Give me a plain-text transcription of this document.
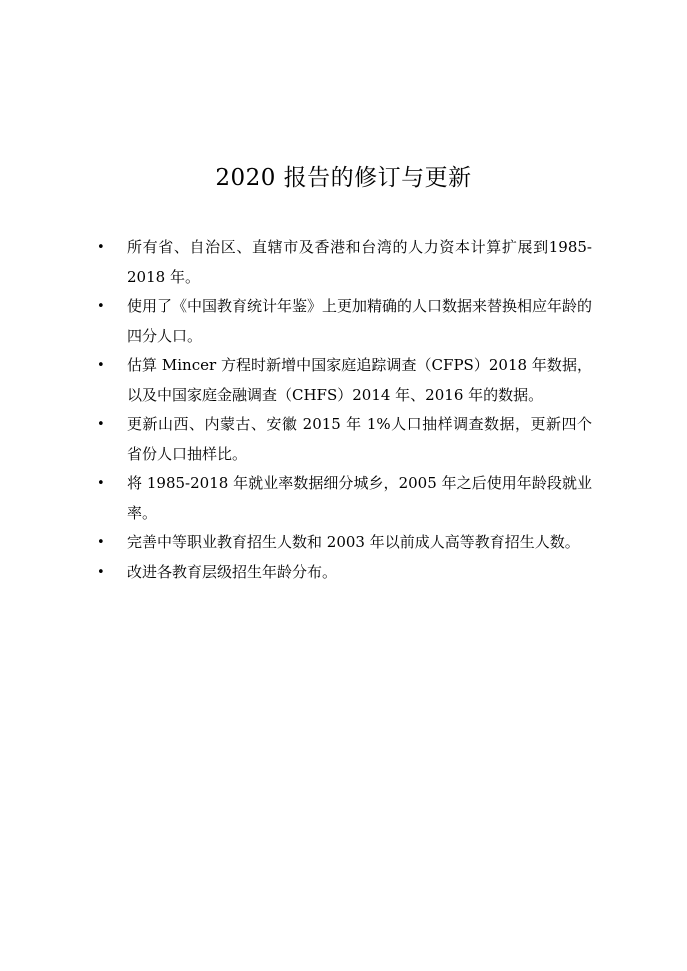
2020 报告的修订与更新
• 所有省、自治区、直辖市及香港和台湾的人力资本计算扩展到1985-2018 年。
• 使用了《中国教育统计年鉴》上更加精确的人口数据来替换相应年龄的四分人口。
• 估算 Mincer 方程时新增中国家庭追踪调查（CFPS）2018 年数据，以及中国家庭金融调查（CHFS）2014 年、2016 年的数据。
• 更新山西、内蒙古、安徽 2015 年 1%人口抽样调查数据，更新四个省份人口抽样比。
• 将 1985-2018 年就业率数据细分城乡，2005 年之后使用年龄段就业率。
• 完善中等职业教育招生人数和 2003 年以前成人高等教育招生人数。
• 改进各教育层级招生年龄分布。
